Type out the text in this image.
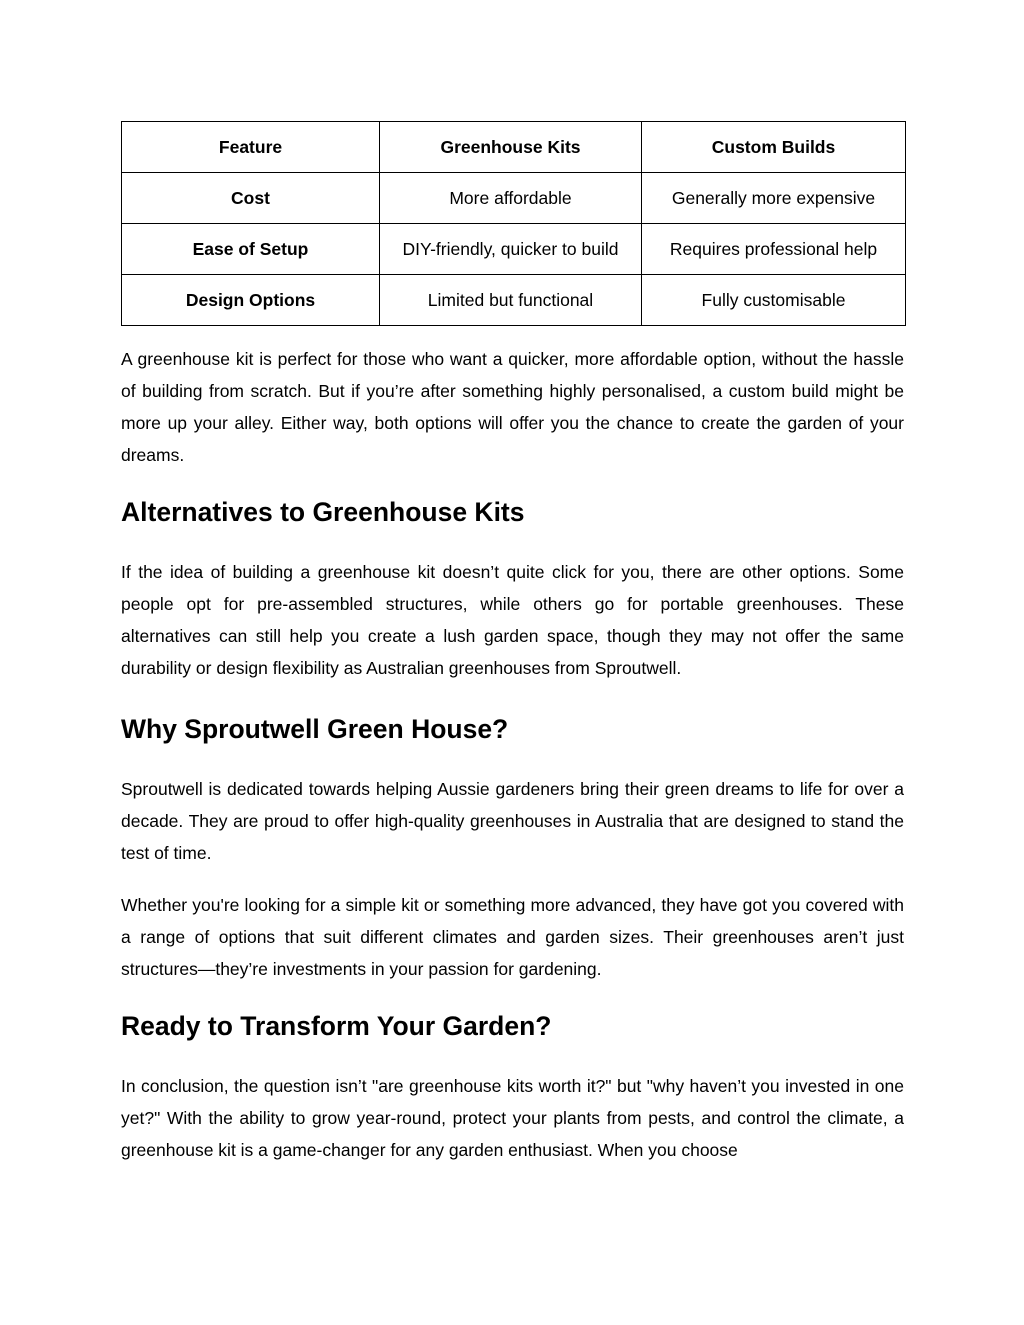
Feature	Greenhouse Kits	Custom Builds
Cost	More affordable	Generally more expensive
Ease of Setup	DIY-friendly, quicker to build	Requires professional help
Design Options	Limited but functional	Fully customisable

A greenhouse kit is perfect for those who want a quicker, more affordable option, without the hassle of building from scratch. But if you’re after something highly personalised, a custom build might be more up your alley. Either way, both options will offer you the chance to create the garden of your dreams.

Alternatives to Greenhouse Kits

If the idea of building a greenhouse kit doesn’t quite click for you, there are other options. Some people opt for pre-assembled structures, while others go for portable greenhouses. These alternatives can still help you create a lush garden space, though they may not offer the same durability or design flexibility as Australian greenhouses from Sproutwell.

Why Sproutwell Green House?

Sproutwell is dedicated towards helping Aussie gardeners bring their green dreams to life for over a decade. They are proud to offer high-quality greenhouses in Australia that are designed to stand the test of time.

Whether you're looking for a simple kit or something more advanced, they have got you covered with a range of options that suit different climates and garden sizes. Their greenhouses aren’t just structures—they’re investments in your passion for gardening.

Ready to Transform Your Garden?

In conclusion, the question isn’t "are greenhouse kits worth it?" but "why haven’t you invested in one yet?" With the ability to grow year-round, protect your plants from pests, and control the climate, a greenhouse kit is a game-changer for any garden enthusiast. When you choose
